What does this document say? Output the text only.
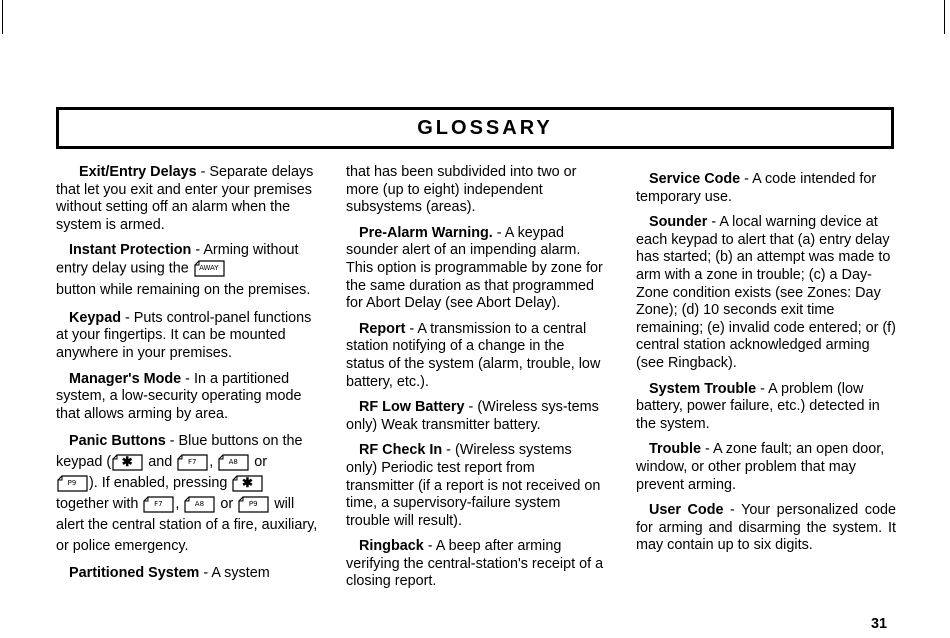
GLOSSARY

Exit/Entry Delays - Separate delays that let you exit and enter your premises without setting off an alarm when the system is armed.

Instant Protection - Arming without entry delay using the AWAY

button while remaining on the premises.

Keypad - Puts control-panel functions at your fingertips. It can be mounted anywhere in your premises.

Manager's Mode - In a partitioned system, a low-security operating mode that allows arming by area.

Panic Buttons - Blue buttons on the keypad ( ✱ and	F7 ,	A8 or

P9 ). If enabled, pressing ✱

together with	F7 ,	A8 or	P9 will
alert the central station of a fire, auxiliary, or police emergency.

Partitioned System - A system

that has been subdivided into two or more (up to eight) independent subsystems (areas).

Pre-Alarm Warning. - A keypad sounder alert of an impending alarm. This option is programmable by zone for the same duration as that programmed for Abort Delay (see Abort Delay).

Report - A transmission to a central station notifying of a change in the status of the system (alarm, trouble, low battery, etc.).

RF Low Battery - (Wireless sys-tems only) Weak transmitter battery.

RF Check In - (Wireless systems only) Periodic test report from transmitter (if a report is not received on time, a supervisory-failure system trouble will result).

Ringback - A beep after arming verifying the central-station's receipt of a closing report.

Service Code - A code intended for temporary use.

Sounder - A local warning device at each keypad to alert that (a) entry delay has started; (b) an attempt was made to arm with a zone in trouble; (c) a Day-Zone condition exists (see Zones: Day Zone); (d) 10 seconds exit time remaining; (e) invalid code entered; or (f) central station acknowledged arming (see Ringback).

System Trouble - A problem (low battery, power failure, etc.) detected in the system.

Trouble - A zone fault; an open door, window, or other problem that may prevent arming.

User Code - Your personalized code for arming and disarming the system. It may contain up to six digits.

31
